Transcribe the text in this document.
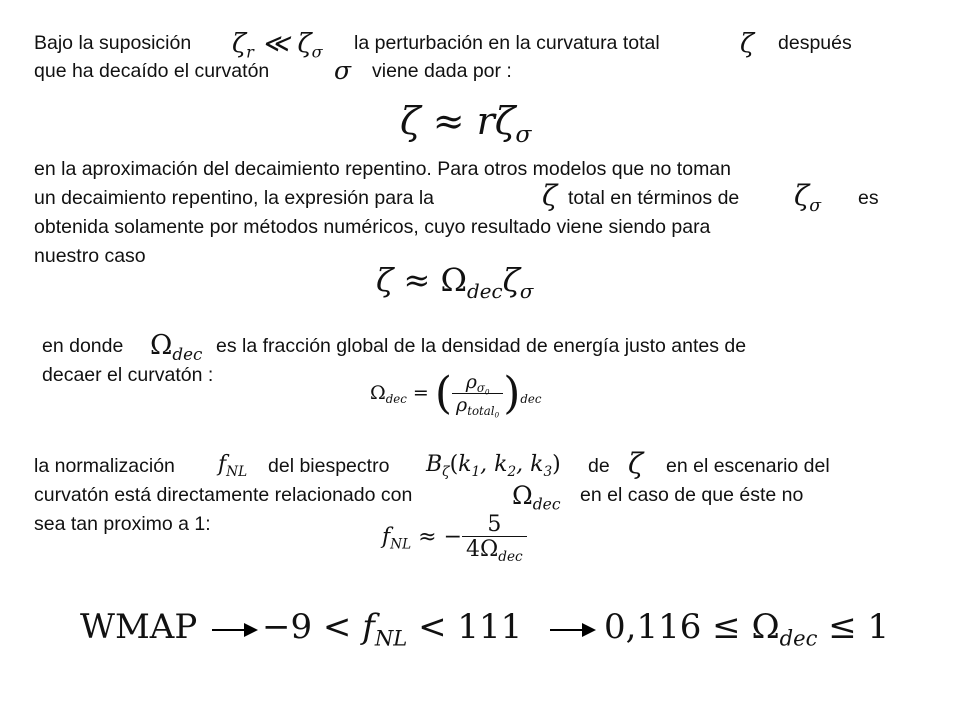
Bajo la suposición $\zeta_r$ ≪ $\zeta_\sigma$ la perturbación en la curvatura total	ζ después
que ha decaído el curvatón	σ viene dada por :
$\zeta \approx r\zeta_\sigma$
en la aproximación del decaimiento repentino. Para otros modelos que no toman
un decaimiento repentino, la expresión para la	ζ total en términos de $\zeta_\sigma$ es
obtenida solamente por métodos numéricos, cuyo resultado viene siendo para
nuestro caso
$\zeta \approx \Omega_{dec}\zeta_\sigma$
en donde $\Omega_{dec}$ es la fracción global de la densidad de energía justo antes de
decaer el curvatón :
$\Omega_{dec}$ = ( $\frac{\rho_{\sigma_0}}{\rho_{total_0}} )_{dec}$
la normalización $f_{NL}$ del biespectro $B_\zeta(k_1$, $k_2$, $k_3$) de ζ en el escenario del
curvatón está directamente relacionado con	$\Omega_{dec}$ en el caso de que éste no
sea tan proximo a 1:
$f_{NL}$ ≈ − $\frac{5}{4\Omega_{dec}}$
WMAP $-9 < f_{NL} < 111$ $0,116 \le \Omega_{dec} \le 1$
